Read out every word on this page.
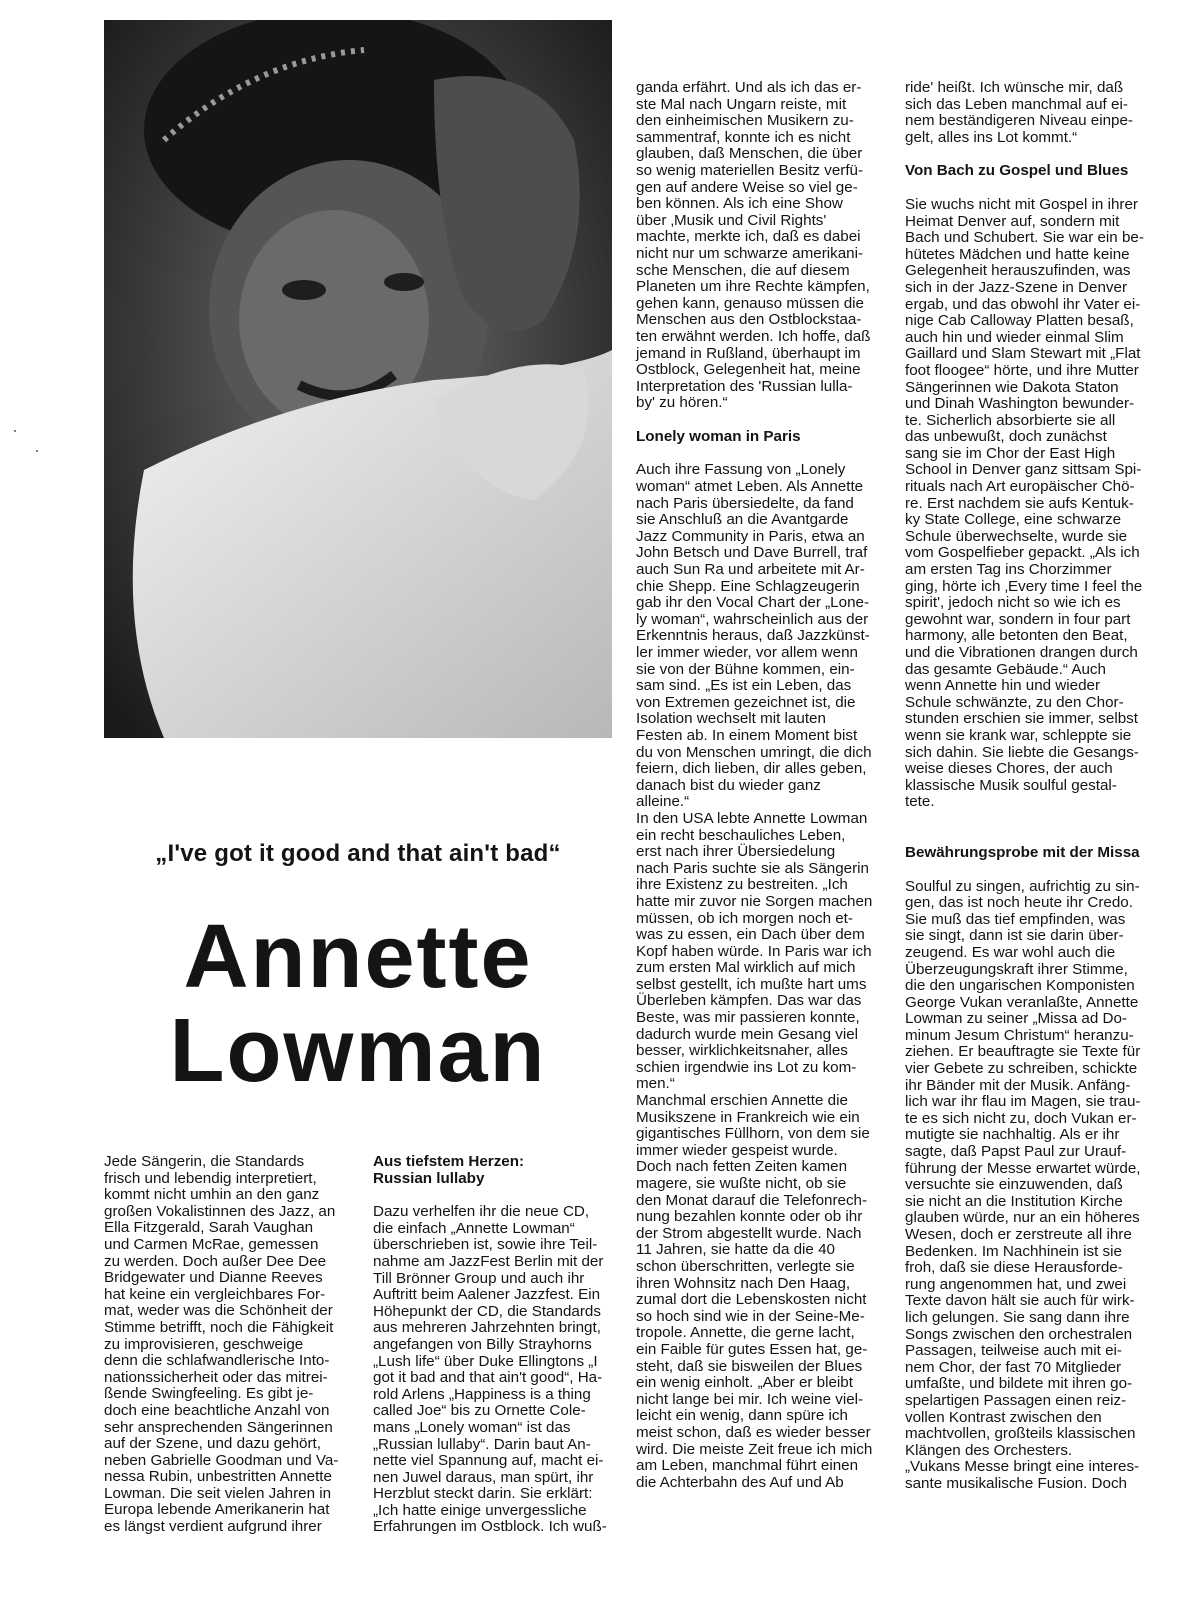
„I've got it good and that ain't bad“
Annette
Lowman
Jede Sängerin, die Standards
frisch und lebendig interpretiert,
kommt nicht umhin an den ganz
großen Vokalistinnen des Jazz, an
Ella Fitzgerald, Sarah Vaughan
und Carmen McRae, gemessen
zu werden. Doch außer Dee Dee
Bridgewater und Dianne Reeves
hat keine ein vergleichbares For-
mat, weder was die Schönheit der
Stimme betrifft, noch die Fähigkeit
zu improvisieren, geschweige
denn die schlafwandlerische Into-
nationssicherheit oder das mitrei-
ßende Swingfeeling. Es gibt je-
doch eine beachtliche Anzahl von
sehr ansprechenden Sängerinnen
auf der Szene, und dazu gehört,
neben Gabrielle Goodman und Va-
nessa Rubin, unbestritten Annette
Lowman. Die seit vielen Jahren in
Europa lebende Amerikanerin hat
es längst verdient aufgrund ihrer
Aus tiefstem Herzen:
Russian lullaby
Dazu verhelfen ihr die neue CD,
die einfach „Annette Lowman“
überschrieben ist, sowie ihre Teil-
nahme am JazzFest Berlin mit der
Till Brönner Group und auch ihr
Auftritt beim Aalener Jazzfest. Ein
Höhepunkt der CD, die Standards
aus mehreren Jahrzehnten bringt,
angefangen von Billy Strayhorns
„Lush life“ über Duke Ellingtons „I
got it bad and that ain't good“, Ha-
rold Arlens „Happiness is a thing
called Joe“ bis zu Ornette Cole-
mans „Lonely woman“ ist das
„Russian lullaby“. Darin baut An-
nette viel Spannung auf, macht ei-
nen Juwel daraus, man spürt, ihr
Herzblut steckt darin. Sie erklärt:
„Ich hatte einige unvergessliche
Erfahrungen im Ostblock. Ich wuß-
ganda erfährt. Und als ich das er-
ste Mal nach Ungarn reiste, mit
den einheimischen Musikern zu-
sammentraf, konnte ich es nicht
glauben, daß Menschen, die über
so wenig materiellen Besitz verfü-
gen auf andere Weise so viel ge-
ben können. Als ich eine Show
über ‚Musik und Civil Rights'
machte, merkte ich, daß es dabei
nicht nur um schwarze amerikani-
sche Menschen, die auf diesem
Planeten um ihre Rechte kämpfen,
gehen kann, genauso müssen die
Menschen aus den Ostblockstaa-
ten erwähnt werden. Ich hoffe, daß
jemand in Rußland, überhaupt im
Ostblock, Gelegenheit hat, meine
Interpretation des 'Russian lulla-
by' zu hören.“
Lonely woman in Paris
Auch ihre Fassung von „Lonely
woman“ atmet Leben. Als Annette
nach Paris übersiedelte, da fand
sie Anschluß an die Avantgarde
Jazz Community in Paris, etwa an
John Betsch und Dave Burrell, traf
auch Sun Ra und arbeitete mit Ar-
chie Shepp. Eine Schlagzeugerin
gab ihr den Vocal Chart der „Lone-
ly woman“, wahrscheinlich aus der
Erkenntnis heraus, daß Jazzkünst-
ler immer wieder, vor allem wenn
sie von der Bühne kommen, ein-
sam sind. „Es ist ein Leben, das
von Extremen gezeichnet ist, die
Isolation wechselt mit lauten
Festen ab. In einem Moment bist
du von Menschen umringt, die dich
feiern, dich lieben, dir alles geben,
danach bist du wieder ganz
alleine.“
In den USA lebte Annette Lowman
ein recht beschauliches Leben,
erst nach ihrer Übersiedelung
nach Paris suchte sie als Sängerin
ihre Existenz zu bestreiten. „Ich
hatte mir zuvor nie Sorgen machen
müssen, ob ich morgen noch et-
was zu essen, ein Dach über dem
Kopf haben würde. In Paris war ich
zum ersten Mal wirklich auf mich
selbst gestellt, ich mußte hart ums
Überleben kämpfen. Das war das
Beste, was mir passieren konnte,
dadurch wurde mein Gesang viel
besser, wirklichkeitsnaher, alles
schien irgendwie ins Lot zu kom-
men.“
Manchmal erschien Annette die
Musikszene in Frankreich wie ein
gigantisches Füllhorn, von dem sie
immer wieder gespeist wurde.
Doch nach fetten Zeiten kamen
magere, sie wußte nicht, ob sie
den Monat darauf die Telefonrech-
nung bezahlen konnte oder ob ihr
der Strom abgestellt wurde. Nach
11 Jahren, sie hatte da die 40
schon überschritten, verlegte sie
ihren Wohnsitz nach Den Haag,
zumal dort die Lebenskosten nicht
so hoch sind wie in der Seine-Me-
tropole. Annette, die gerne lacht,
ein Faible für gutes Essen hat, ge-
steht, daß sie bisweilen der Blues
ein wenig einholt. „Aber er bleibt
nicht lange bei mir. Ich weine viel-
leicht ein wenig, dann spüre ich
meist schon, daß es wieder besser
wird. Die meiste Zeit freue ich mich
am Leben, manchmal führt einen
die Achterbahn des Auf und Ab
ride' heißt. Ich wünsche mir, daß
sich das Leben manchmal auf ei-
nem beständigeren Niveau einpe-
gelt, alles ins Lot kommt.“
Von Bach zu Gospel und Blues
Sie wuchs nicht mit Gospel in ihrer
Heimat Denver auf, sondern mit
Bach und Schubert. Sie war ein be-
hütetes Mädchen und hatte keine
Gelegenheit herauszufinden, was
sich in der Jazz-Szene in Denver
ergab, und das obwohl ihr Vater ei-
nige Cab Calloway Platten besaß,
auch hin und wieder einmal Slim
Gaillard und Slam Stewart mit „Flat
foot floogee“ hörte, und ihre Mutter
Sängerinnen wie Dakota Staton
und Dinah Washington bewunder-
te. Sicherlich absorbierte sie all
das unbewußt, doch zunächst
sang sie im Chor der East High
School in Denver ganz sittsam Spi-
rituals nach Art europäischer Chö-
re. Erst nachdem sie aufs Kentuk-
ky State College, eine schwarze
Schule überwechselte, wurde sie
vom Gospelfieber gepackt. „Als ich
am ersten Tag ins Chorzimmer
ging, hörte ich ‚Every time I feel the
spirit', jedoch nicht so wie ich es
gewohnt war, sondern in four part
harmony, alle betonten den Beat,
und die Vibrationen drangen durch
das gesamte Gebäude.“ Auch
wenn Annette hin und wieder
Schule schwänzte, zu den Chor-
stunden erschien sie immer, selbst
wenn sie krank war, schleppte sie
sich dahin. Sie liebte die Gesangs-
weise dieses Chores, der auch
klassische Musik soulful gestal-
tete.
Bewährungsprobe mit der Missa
Soulful zu singen, aufrichtig zu sin-
gen, das ist noch heute ihr Credo.
Sie muß das tief empfinden, was
sie singt, dann ist sie darin über-
zeugend. Es war wohl auch die
Überzeugungskraft ihrer Stimme,
die den ungarischen Komponisten
George Vukan veranlaßte, Annette
Lowman zu seiner „Missa ad Do-
minum Jesum Christum“ heranzu-
ziehen. Er beauftragte sie Texte für
vier Gebete zu schreiben, schickte
ihr Bänder mit der Musik. Anfäng-
lich war ihr flau im Magen, sie trau-
te es sich nicht zu, doch Vukan er-
mutigte sie nachhaltig. Als er ihr
sagte, daß Papst Paul zur Urauf-
führung der Messe erwartet würde,
versuchte sie einzuwenden, daß
sie nicht an die Institution Kirche
glauben würde, nur an ein höheres
Wesen, doch er zerstreute all ihre
Bedenken. Im Nachhinein ist sie
froh, daß sie diese Herausforde-
rung angenommen hat, und zwei
Texte davon hält sie auch für wirk-
lich gelungen. Sie sang dann ihre
Songs zwischen den orchestralen
Passagen, teilweise auch mit ei-
nem Chor, der fast 70 Mitglieder
umfaßte, und bildete mit ihren go-
spelartigen Passagen einen reiz-
vollen Kontrast zwischen den
machtvollen, großteils klassischen
Klängen des Orchesters.
„Vukans Messe bringt eine interes-
sante musikalische Fusion. Doch
